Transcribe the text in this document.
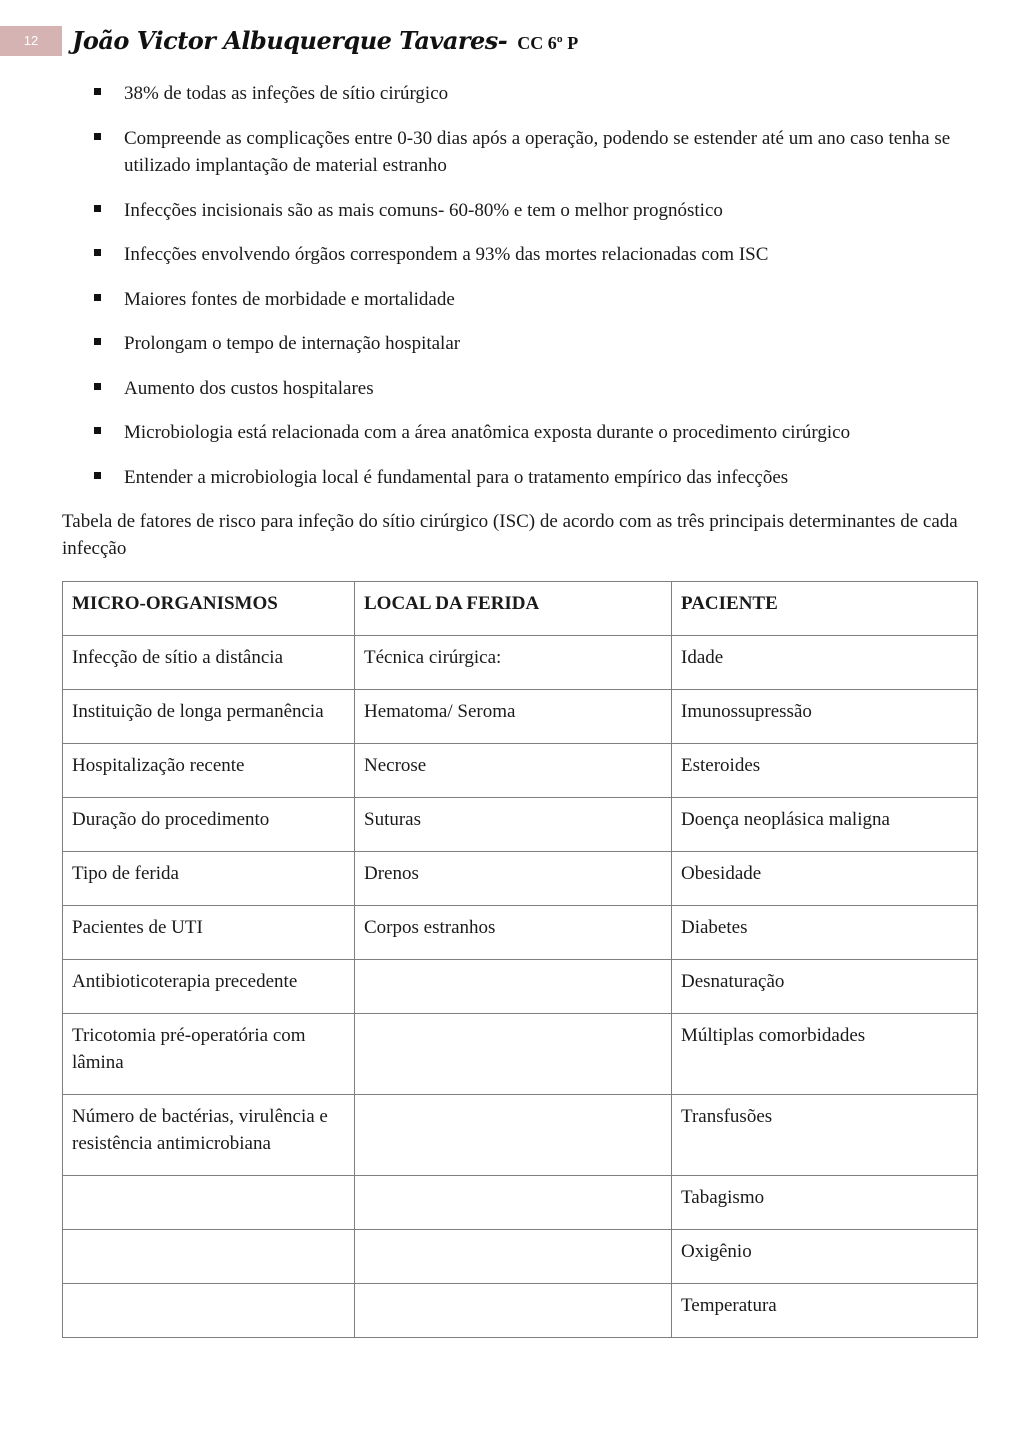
12	João Victor Albuquerque Tavares- CC 6º P
38% de todas as infeções de sítio cirúrgico
Compreende as complicações entre 0-30 dias após a operação, podendo se estender até um ano caso tenha se utilizado implantação de material estranho
Infecções incisionais são as mais comuns- 60-80% e tem o melhor prognóstico
Infecções envolvendo órgãos correspondem a 93% das mortes relacionadas com ISC
Maiores fontes de morbidade e mortalidade
Prolongam o tempo de internação hospitalar
Aumento dos custos hospitalares
Microbiologia está relacionada com a área anatômica exposta durante o procedimento cirúrgico
Entender a microbiologia local é fundamental para o tratamento empírico das infecções

Tabela de fatores de risco para infeção do sítio cirúrgico (ISC) de acordo com as três principais determinantes de cada infecção

MICRO-ORGANISMOS	LOCAL DA FERIDA	PACIENTE
Infecção de sítio a distância	Técnica cirúrgica:	Idade
Instituição de longa permanência	Hematoma/ Seroma	Imunossupressão
Hospitalização recente	Necrose	Esteroides
Duração do procedimento	Suturas	Doença neoplásica maligna
Tipo de ferida	Drenos	Obesidade
Pacientes de UTI	Corpos estranhos	Diabetes
Antibioticoterapia precedente		Desnaturação
Tricotomia pré-operatória com lâmina		Múltiplas comorbidades
Número de bactérias, virulência e resistência antimicrobiana		Transfusões
		Tabagismo
		Oxigênio
		Temperatura
